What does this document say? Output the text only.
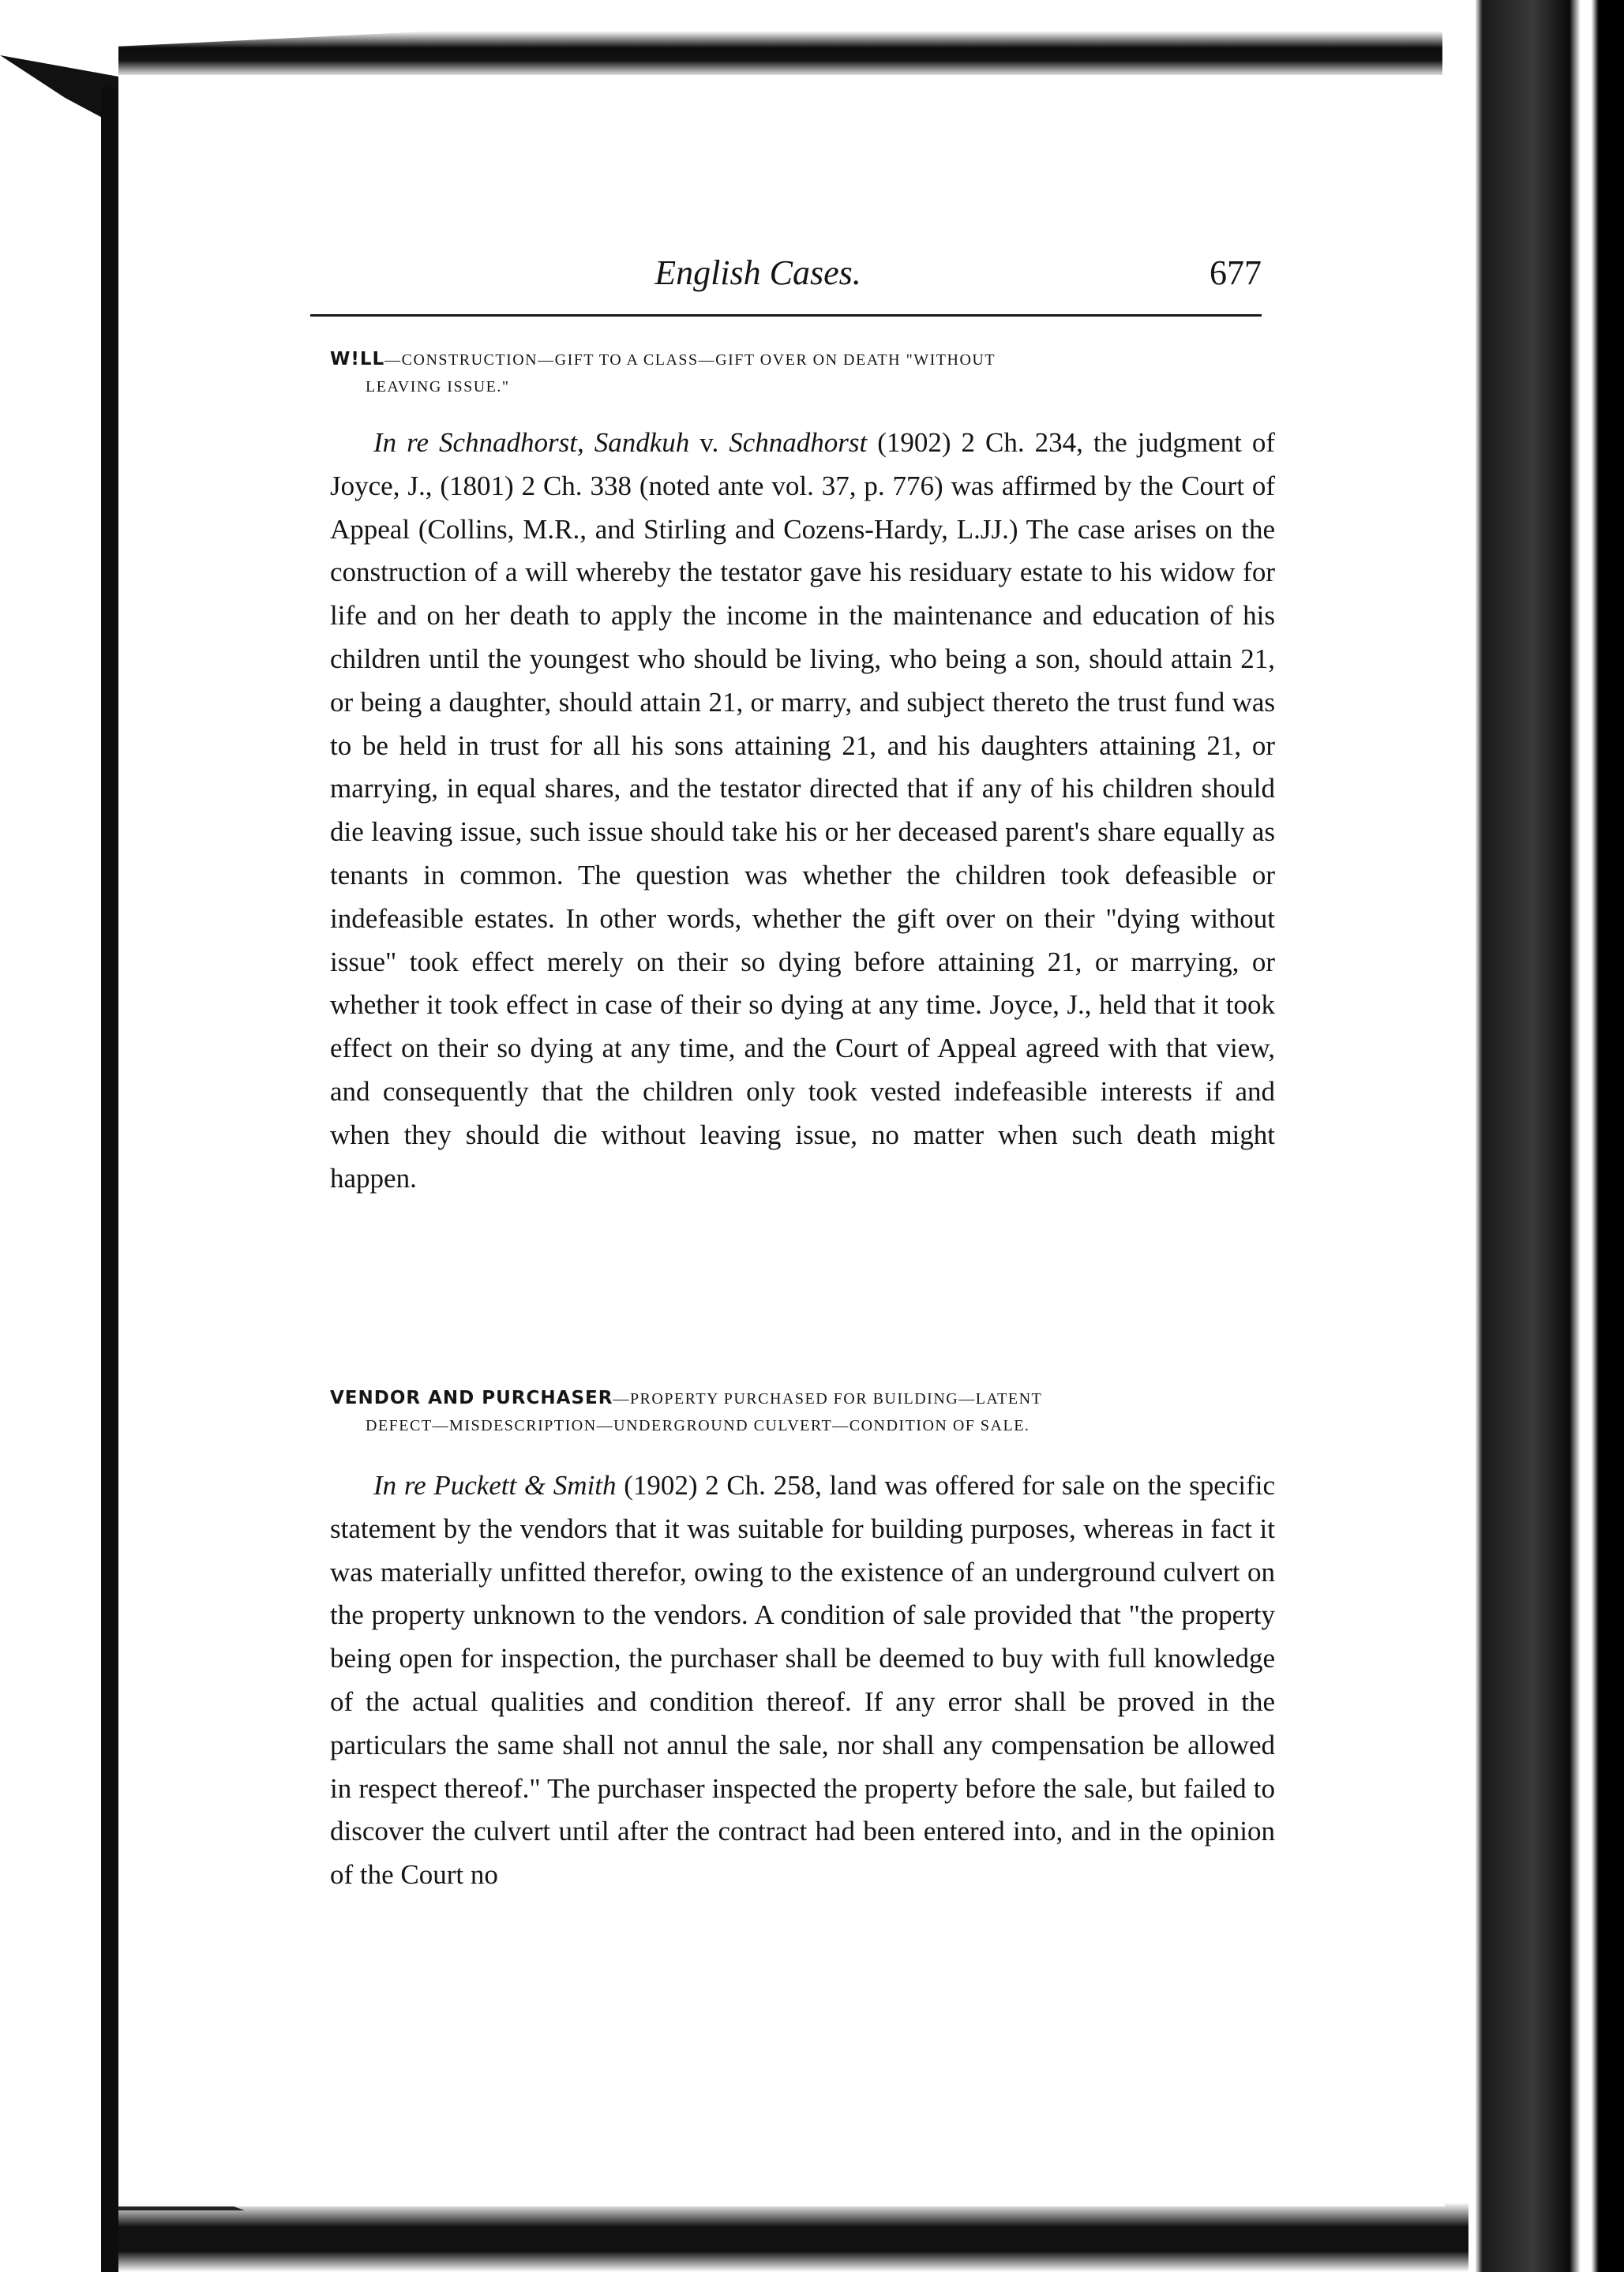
English Cases.	677
W!LL—CONSTRUCTION—GIFT TO A CLASS—GIFT OVER ON DEATH "WITHOUT
LEAVING ISSUE."
In re Schnadhorst, Sandkuh v. Schnadhorst (1902) 2 Ch. 234, the judgment of Joyce, J., (1801) 2 Ch. 338 (noted ante vol. 37, p. 776) was affirmed by the Court of Appeal (Collins, M.R., and Stirling and Cozens-Hardy, L.JJ.) The case arises on the construction of a will whereby the testator gave his residuary estate to his widow for life and on her death to apply the income in the maintenance and education of his children until the youngest who should be living, who being a son, should attain 21, or being a daughter, should attain 21, or marry, and subject thereto the trust fund was to be held in trust for all his sons attaining 21, and his daughters attaining 21, or marrying, in equal shares, and the testator directed that if any of his children should die leaving issue, such issue should take his or her deceased parent's share equally as tenants in common. The question was whether the children took defeasible or indefeasible estates. In other words, whether the gift over on their "dying without issue" took effect merely on their so dying before attaining 21, or marrying, or whether it took effect in case of their so dying at any time. Joyce, J., held that it took effect on their so dying at any time, and the Court of Appeal agreed with that view, and consequently that the children only took vested indefeasible interests if and when they should die without leaving issue, no matter when such death might happen.
VENDOR AND PURCHASER—PROPERTY PURCHASED FOR BUILDING—LATENT
DEFECT—MISDESCRIPTION—UNDERGROUND CULVERT—CONDITION OF SALE.
In re Puckett & Smith (1902) 2 Ch. 258, land was offered for sale on the specific statement by the vendors that it was suitable for building purposes, whereas in fact it was materially unfitted therefor, owing to the existence of an underground culvert on the property unknown to the vendors. A condition of sale provided that "the property being open for inspection, the purchaser shall be deemed to buy with full knowledge of the actual qualities and condition thereof. If any error shall be proved in the particulars the same shall not annul the sale, nor shall any compensation be allowed in respect thereof." The purchaser inspected the property before the sale, but failed to discover the culvert until after the contract had been entered into, and in the opinion of the Court no
